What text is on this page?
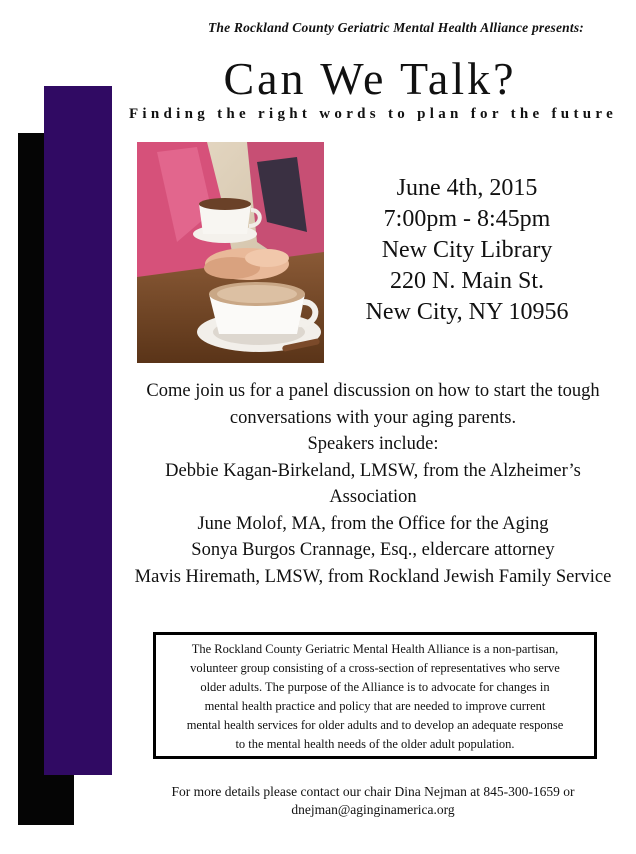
The Rockland County Geriatric Mental Health Alliance presents:
Can We Talk?
Finding the right words to plan for the future
June 4th, 2015
7:00pm - 8:45pm
New City Library
220 N. Main St.
New City, NY 10956
Come join us for a panel discussion on how to start the tough
conversations with your aging parents.
Speakers include:
Debbie Kagan-Birkeland, LMSW, from the Alzheimer’s
Association
June Molof, MA, from the Office for the Aging
Sonya Burgos Crannage, Esq., eldercare attorney
Mavis Hiremath, LMSW, from Rockland Jewish Family Service
The Rockland County Geriatric Mental Health Alliance is a non-partisan,
volunteer group consisting of a cross-section of representatives who serve
older adults. The purpose of the Alliance is to advocate for changes in
mental health practice and policy that are needed to improve current
mental health services for older adults and to develop an adequate response
to the mental health needs of the older adult population.
For more details please contact our chair Dina Nejman at 845-300-1659 or
dnejman@aginginamerica.org
